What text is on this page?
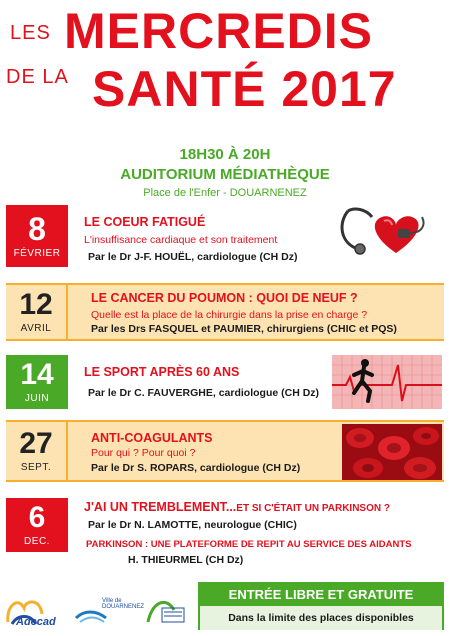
LES MERCREDIS
DE LA SANTÉ 2017
18H30 À 20H
AUDITORIUM MÉDIATHÈQUE
Place de l'Enfer - DOUARNENEZ
8
FÉVRIER
LE COEUR FATIGUÉ
L'insuffisance cardiaque et son traitement
Par le Dr J-F. HOUËL, cardiologue (CH Dz)
12
AVRIL
LE CANCER DU POUMON : QUOI DE NEUF ?
Quelle est la place de la chirurgie dans la prise en charge ?
Par les Drs FASQUEL et PAUMIER, chirurgiens (CHIC et PQS)
14
JUIN
LE SPORT APRÈS 60 ANS
Par le Dr C. FAUVERGHE, cardiologue (CH Dz)
27
SEPT.
ANTI-COAGULANTS
Pour qui ? Pour quoi ?
Par le Dr S. ROPARS, cardiologue (CH Dz)
6
DEC.
J'AI UN TREMBLEMENT...ET SI C'ÉTAIT UN PARKINSON ?
Par le Dr N. LAMOTTE, neurologue (CHIC)
PARKINSON : UNE PLATEFORME DE REPIT AU SERVICE DES AIDANTS
H. THIEURMEL (CH Dz)
Adecad
Ville de DOUARNENEZ
ENTRÉE LIBRE ET GRATUITE
Dans la limite des places disponibles
